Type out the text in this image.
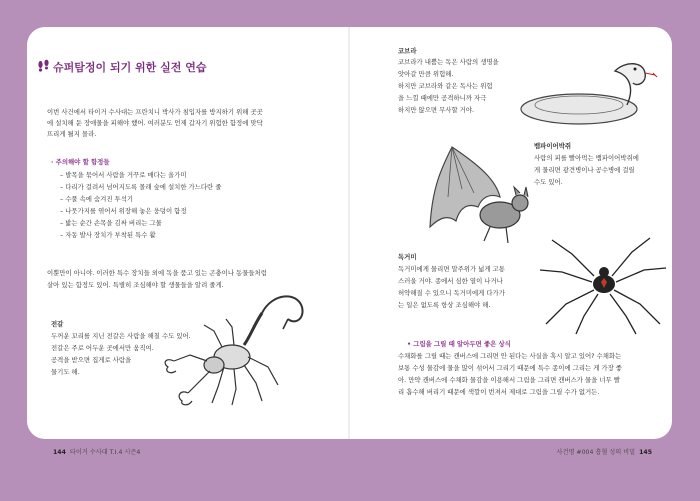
슈퍼탐정이 되기 위한 실전 연습
이번 사건에서 타이거 수사대는 프란치니 박사가 침입자를 방지하기 위해 곳곳
에 설치해 둔 장애물을 피해야 했어. 여러분도 언제 갑자기 위험한 함정에 맞닥
뜨리게 될지 몰라.
· 주의해야 할 함정들
– 발목을 묶어서 사람을 거꾸로 매다는 올가미
– 다리가 걸려서 넘어지도록 몰래 숲에 설치한 가느다란 줄
– 수풀 속에 숨겨진 투석기
– 나뭇가지를 엮어서 위장해 놓은 웅덩이 함정
– 밟는 순간 손목을 김싸 버리는 그물
– 자동 발사 장치가 부착된 특수 활
이뿐만이 아니야. 이러한 특수 장치들 외에 독을 품고 있는 곤충이나 동물들처럼
살아 있는 함정도 있어. 특별히 조심해야 할 생물들을 알려 줄게.
전갈
두꺼운 꼬리를 지닌 전갈은 사람을 해칠 수도 있어.
전갈은 주로 어두운 곳에서만 움직여.
공격을 받으면 집게로 사람을
물기도 해.
144 타이거 수사대 T.I.4 시즌4
코브라
코브라가 내뿜는 독은 사람의 생명을
앗아갈 만큼 위험해.
하지만 코브라와 같은 독사는 위험
을 느낄 때에만 공격하니까 자극
하지만 않으면 무사할 거야.
뱀파이어박쥐
사람의 피를 빨아먹는 뱀파이어박쥐에
게 물리면 광견병이나 공수병에 걸릴
수도 있어.
독거미
독거미에게 물리면 말주위가 넓게 고통
스러울 거야. 종에서 심한 열이 나거나
허약해질 수 있으니 독거미에게 다가가
는 일은 없도록 항상 조심해야 해.
• 그림을 그릴 때 알아두면 좋은 상식
수채화를 그릴 때는 캔버스에 그리면 안 된다는 사실을 혹시 알고 있어? 수채화는
보통 수성 물감에 물을 많이 섞어서 그리기 때문에 특수 종이에 그리는 게 가장 좋
아. 만약 캔버스에 수채화 물감을 이용해서 그림을 그리면 캔버스가 물을 너무 빨
리 흡수해 버리기 때문에 색깔이 번져서 제대로 그림을 그릴 수가 없거든.
사건명 #004 흡혈 성의 비밀 145
